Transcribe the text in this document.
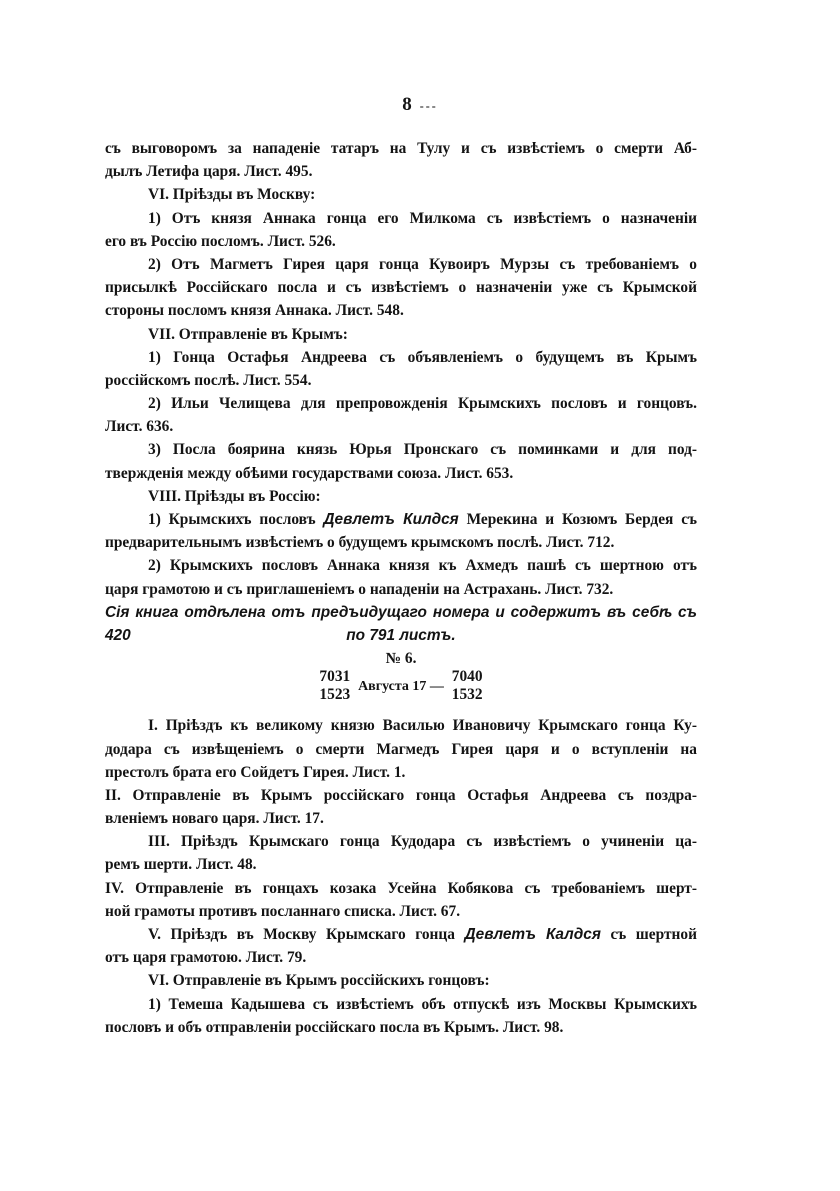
8 ---
съ выговоромъ за нападеніе татаръ на Тулу и съ извѣстіемъ о смерти Аб-
дылъ Летифа царя. Лист. 495.
VI. Пріѣзды въ Москву:
1) Отъ князя Аннака гонца его Милкома съ извѣстіемъ о назначеніи
его въ Россію посломъ. Лист. 526.
2) Отъ Магметъ Гирея царя гонца Кувоиръ Мурзы съ требованіемъ о
присылкѣ Россійскаго посла и съ извѣстіемъ о назначеніи уже съ Крымской
стороны посломъ князя Аннака. Лист. 548.
VII. Отправленіе въ Крымъ:
1) Гонца Остафья Андреева съ объявленіемъ о будущемъ въ Крымъ
россійскомъ послѣ. Лист. 554.
2) Ильи Челищева для препровожденія Крымскихъ пословъ и гонцовъ.
Лист. 636.
3) Посла боярина князь Юрья Пронскаго съ поминками и для под-
твержденія между обѣими государствами союза. Лист. 653.
VIII. Пріѣзды въ Россію:
1) Крымскихъ пословъ Девлетъ Килдся Мерекина и Козюмъ Бердея съ
предварительнымъ извѣстіемъ о будущемъ крымскомъ послѣ. Лист. 712.
2) Крымскихъ пословъ Аннака князя къ Ахмедъ пашѣ съ шертною отъ
царя грамотою и съ приглашеніемъ о нападеніи на Астрахань. Лист. 732.
Сія книга отдѣлена отъ предъидущаго номера и содержитъ въ себѣ съ 420	по 791 листъ.
№ 6.
7031
1523
Августа 17 —
7040
1532
I. Пріѣздъ къ великому князю Василью Ивановичу Крымскаго гонца Ку-
додара съ извѣщеніемъ о смерти Магмедъ Гирея царя и о вступленіи на
престолъ брата его Сойдетъ Гирея. Лист. 1.
II. Отправленіе въ Крымъ россійскаго гонца Остафья Андреева съ поздра-
вленіемъ новаго царя. Лист. 17.
III. Пріѣздъ Крымскаго гонца Кудодара съ извѣстіемъ о учиненіи ца-
ремъ шерти. Лист. 48.
IV. Отправленіе въ гонцахъ козака Усейна Кобякова съ требованіемъ шерт-
ной грамоты противъ посланнаго списка. Лист. 67.
V. Пріѣздъ въ Москву Крымскаго гонца Девлетъ Калдся съ шертной
отъ царя грамотою. Лист. 79.
VI. Отправленіе въ Крымъ россійскихъ гонцовъ:
1) Темеша Кадышева съ извѣстіемъ объ отпускѣ изъ Москвы Крымскихъ
пословъ и объ отправленіи россійскаго посла въ Крымъ. Лист. 98.
